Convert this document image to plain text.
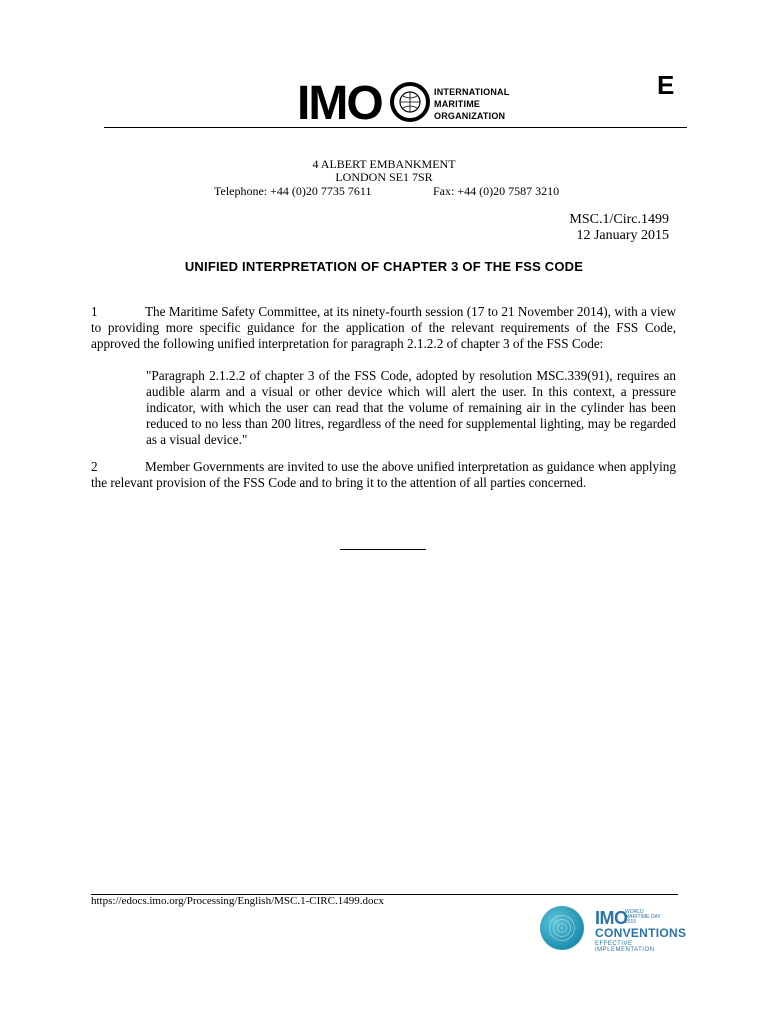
IMO	INTERNATIONAL
MARITIME
ORGANIZATION
E
4 ALBERT EMBANKMENT
LONDON SE1 7SR
Telephone: +44 (0)20 7735 7611	Fax: +44 (0)20 7587 3210
MSC.1/Circ.1499
12 January 2015
UNIFIED INTERPRETATION OF CHAPTER 3 OF THE FSS CODE
1	The Maritime Safety Committee, at its ninety-fourth session (17 to 21 November 2014), with a view to providing more specific guidance for the application of the relevant requirements of the FSS Code, approved the following unified interpretation for paragraph 2.1.2.2 of chapter 3 of the FSS Code:
"Paragraph 2.1.2.2 of chapter 3 of the FSS Code, adopted by resolution MSC.339(91), requires an audible alarm and a visual or other device which will alert the user. In this context, a pressure indicator, with which the user can read that the volume of remaining air in the cylinder has been reduced to no less than 200 litres, regardless of the need for supplemental lighting, may be regarded as a visual device."
2	Member Governments are invited to use the above unified interpretation as guidance when applying the relevant provision of the FSS Code and to bring it to the attention of all parties concerned.
https://edocs.imo.org/Processing/English/MSC.1-CIRC.1499.docx
IMO
WORLD MARITIME DAY 2015
CONVENTIONS
EFFECTIVE IMPLEMENTATION
